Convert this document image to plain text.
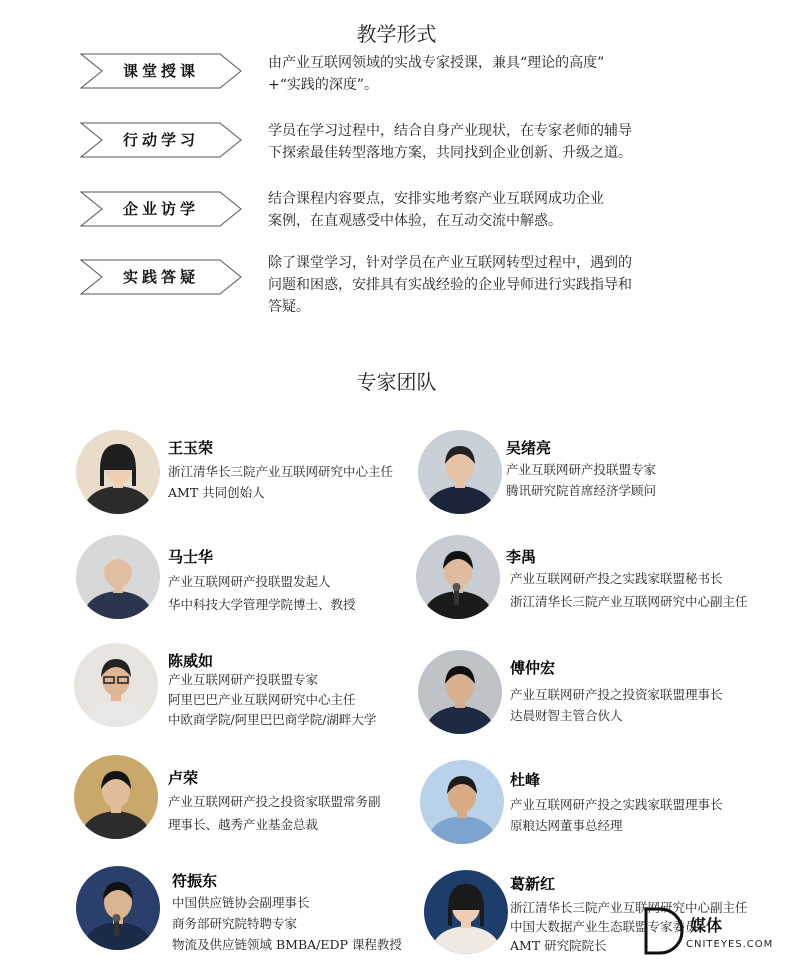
教学形式
课堂授课	由产业互联网领域的实战专家授课，兼具“理论的高度”
+“实践的深度”。
行动学习	学员在学习过程中，结合自身产业现状，在专家老师的辅导
下探索最佳转型落地方案，共同找到企业创新、升级之道。
企业访学
结合课程内容要点，安排实地考察产业互联网成功企业
案例，在直观感受中体验，在互动交流中解惑。
实践答疑
除了课堂学习，针对学员在产业互联网转型过程中，遇到的
问题和困惑，安排具有实战经验的企业导师进行实践指导和
答疑。
专家团队
王玉荣
浙江清华长三院产业互联网研究中心主任
AMT 共同创始人
吴绪亮
产业互联网研产投联盟专家
腾讯研究院首席经济学顾问
马士华
产业互联网研产投联盟发起人
华中科技大学管理学院博士、教授
李禺
产业互联网研产投之实践家联盟秘书长
浙江清华长三院产业互联网研究中心副主任
陈威如
产业互联网研产投联盟专家
阿里巴巴产业互联网研究中心主任
中欧商学院/阿里巴巴商学院/湖畔大学
傅仲宏
产业互联网研产投之投资家联盟理事长
达晨财智主管合伙人
卢荣
产业互联网研产投之投资家联盟常务副
理事长、越秀产业基金总裁
杜峰
产业互联网研产投之实践家联盟理事长
原粮达网董事总经理
符振东
中国供应链协会副理事长
商务部研究院特聘专家
物流及供应链领域 BMBA/EDP 课程教授
葛新红
浙江清华长三院产业互联网研究中心副主任
中国大数据产业生态联盟专家委员
AMT 研究院院长
媒体
CNITEYES.COM
